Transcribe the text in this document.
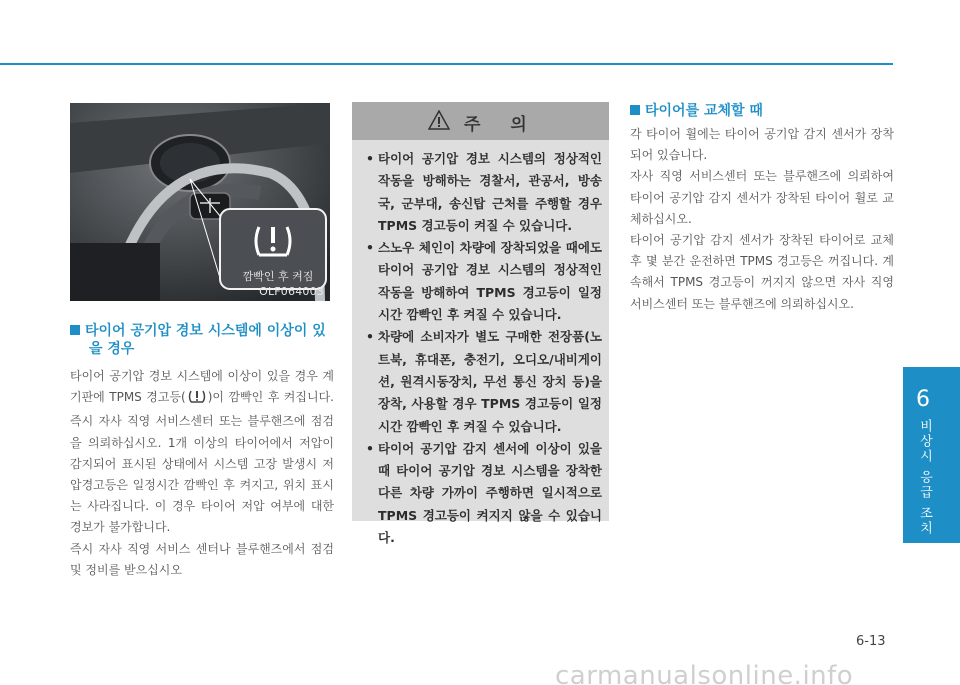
OLF064003
깜빡인 후 켜짐
타이어 공기압 경보 시스템에 이상이 있
을 경우

타이어 공기압 경보 시스템에 이상이 있을 경우 계기판에 TPMS 경고등( )이 깜빡인 후 켜집니다. 즉시 자사 직영 서비스센터 또는 블루핸즈에 점검을 의뢰하십시오. 1개 이상의 타이어에서 저압이 감지되어 표시된 상태에서 시스템 고장 발생시 저압경고등은 일정시간 깜빡인 후 켜지고, 위치 표시는 사라집니다. 이 경우 타이어 저압 여부에 대한 경보가 불가합니다.

즉시 자사 직영 서비스 센터나 블루핸즈에서 점검 및 정비를 받으십시오

주의
• 타이어 공기압 경보 시스템의 정상적인 작동을 방해하는 경찰서, 관공서, 방송국, 군부대, 송신탑 근처를 주행할 경우 TPMS 경고등이 켜질 수 있습니다.
• 스노우 체인이 차량에 장착되었을 때에도 타이어 공기압 경보 시스템의 정상적인 작동을 방해하여 TPMS 경고등이 일정시간 깜빡인 후 켜질 수 있습니다.
• 차량에 소비자가 별도 구매한 전장품(노트북, 휴대폰, 충전기, 오디오/내비게이션, 원격시동장치, 무선 통신 장치 등)을 장착, 사용할 경우 TPMS 경고등이 일정시간 깜빡인 후 켜질 수 있습니다.
• 타이어 공기압 감지 센서에 이상이 있을 때 타이어 공기압 경보 시스템을 장착한 다른 차량 가까이 주행하면 일시적으로 TPMS 경고등이 켜지지 않을 수 있습니다.
타이어를 교체할 때

각 타이어 휠에는 타이어 공기압 감지 센서가 장착되어 있습니다.

자사 직영 서비스센터 또는 블루핸즈에 의뢰하여 타이어 공기압 감지 센서가 장착된 타이어 휠로 교체하십시오.

타이어 공기압 감지 센서가 장착된 타이어로 교체 후 몇 분간 운전하면 TPMS 경고등은 꺼집니다. 계속해서 TPMS 경고등이 꺼지지 않으면 자사 직영 서비스센터 또는 블루핸즈에 의뢰하십시오.

6
비상시 응급 조치
6-13
carmanualsonline.info
